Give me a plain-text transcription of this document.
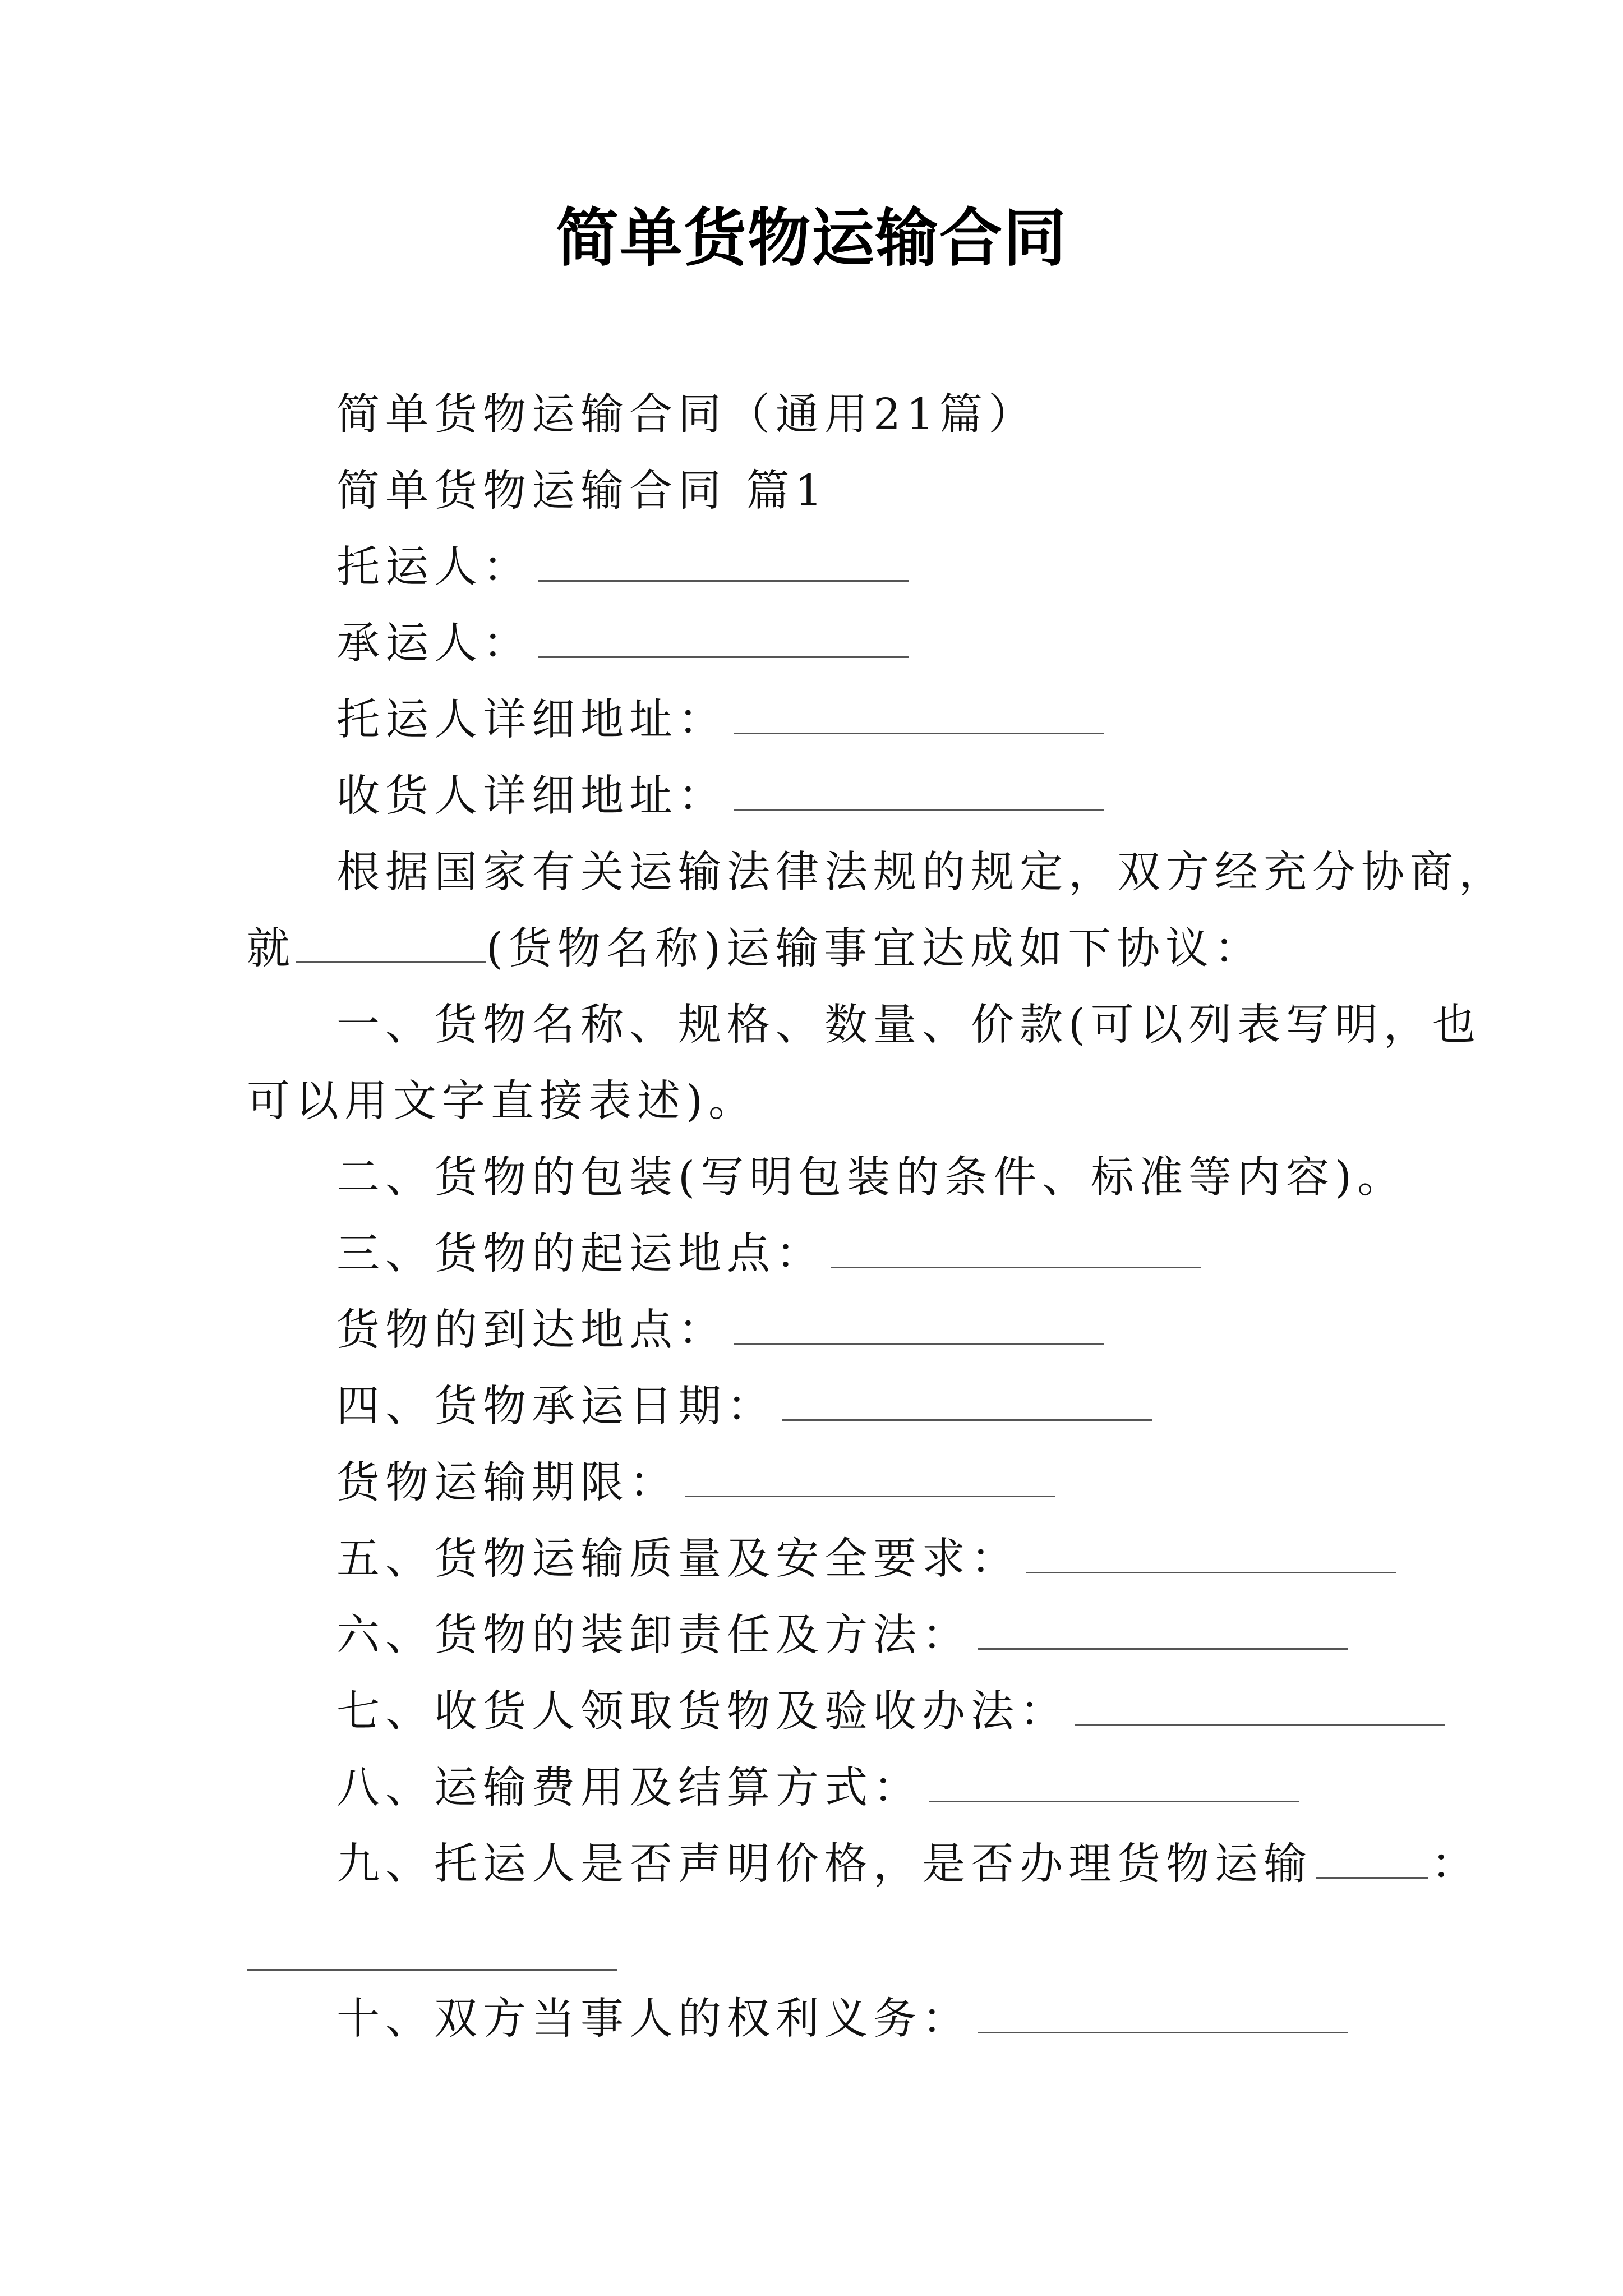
简单货物运输合同
简单货物运输合同（通用21篇）
简单货物运输合同 篇1
托运人：
承运人：
托运人详细地址：
收货人详细地址：
根据国家有关运输法律法规的规定，双方经充分协商，
就	(货物名称)运输事宜达成如下协议：
一、货物名称、规格、数量、价款(可以列表写明，也
可以用文字直接表述)。
二、货物的包装(写明包装的条件、标准等内容)。
三、货物的起运地点：
货物的到达地点：
四、货物承运日期：
货物运输期限：
五、货物运输质量及安全要求：
六、货物的装卸责任及方法：
七、收货人领取货物及验收办法：
八、运输费用及结算方式：
九、托运人是否声明价格，是否办理货物运输	：
十、双方当事人的权利义务：
